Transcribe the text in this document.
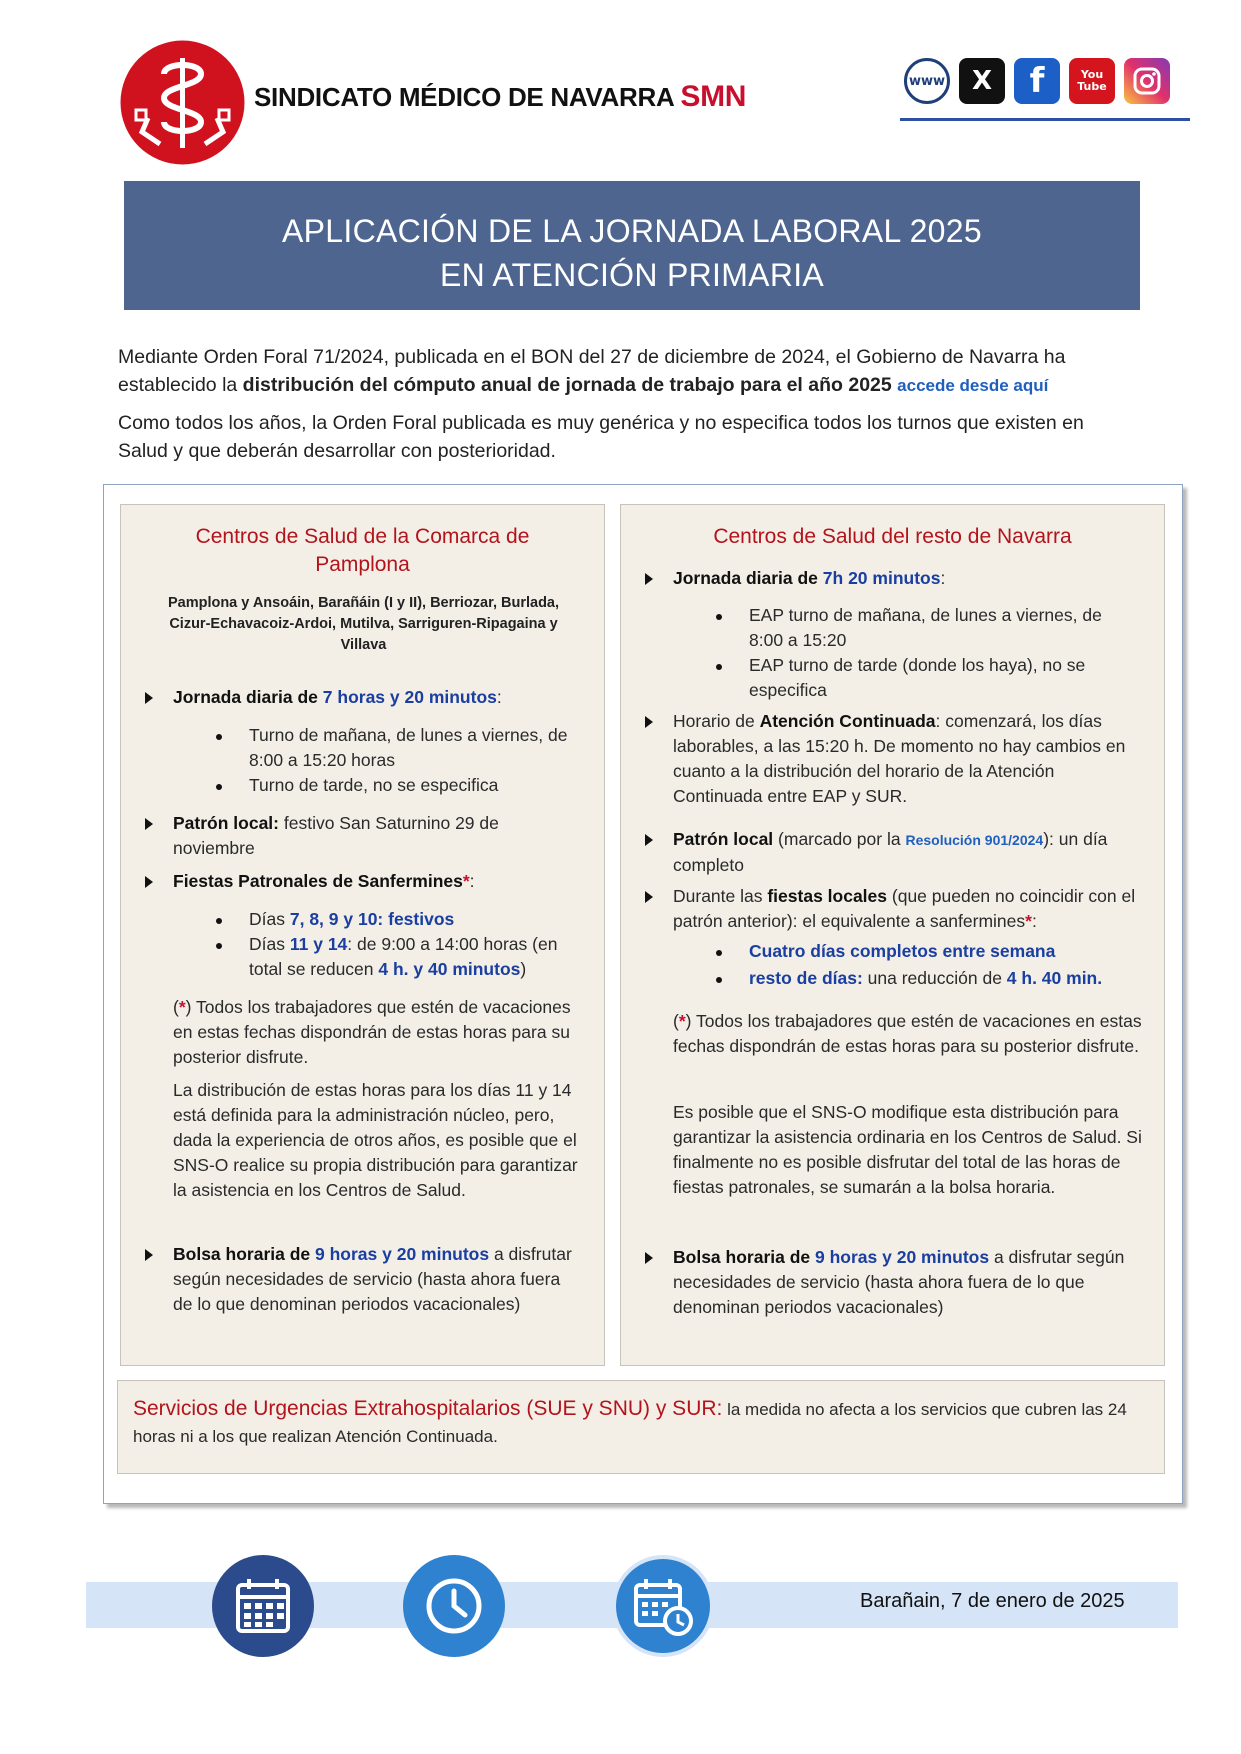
SINDICATO MÉDICO DE NAVARRA SMN	www X f	You
Tube
APLICACIÓN DE LA JORNADA LABORAL 2025
EN ATENCIÓN PRIMARIA
Mediante Orden Foral 71/2024, publicada en el BON del 27 de diciembre de 2024, el Gobierno de Navarra ha establecido la distribución del cómputo anual de jornada de trabajo para el año 2025 accede desde aquí
Como todos los años, la Orden Foral publicada es muy genérica y no especifica todos los turnos que existen en Salud y que deberán desarrollar con posterioridad.
Centros de Salud de la Comarca de Pamplona
Pamplona y Ansoáin, Barañáin (I y II), Berriozar, Burlada, Cizur-Echavacoiz-Ardoi, Mutilva, Sarriguren-Ripagaina y Villava
Jornada diaria de 7 horas y 20 minutos:
Turno de mañana, de lunes a viernes, de 8:00 a 15:20 horas
Turno de tarde, no se especifica
Patrón local: festivo San Saturnino 29 de noviembre
Fiestas Patronales de Sanfermines*:
Días 7, 8, 9 y 10: festivos
Días 11 y 14: de 9:00 a 14:00 horas (en total se reducen 4 h. y 40 minutos)
(*) Todos los trabajadores que estén de vacaciones en estas fechas dispondrán de estas horas para su posterior disfrute.
La distribución de estas horas para los días 11 y 14 está definida para la administración núcleo, pero, dada la experiencia de otros años, es posible que el SNS-O realice su propia distribución para garantizar la asistencia en los Centros de Salud.
Bolsa horaria de 9 horas y 20 minutos a disfrutar según necesidades de servicio (hasta ahora fuera de lo que denominan periodos vacacionales)
Centros de Salud del resto de Navarra
Jornada diaria de 7h 20 minutos:
EAP turno de mañana, de lunes a viernes, de 8:00 a 15:20
EAP turno de tarde (donde los haya), no se especifica
Horario de Atención Continuada: comenzará, los días laborables, a las 15:20 h. De momento no hay cambios en cuanto a la distribución del horario de la Atención Continuada entre EAP y SUR.
Patrón local (marcado por la Resolución 901/2024): un día completo
Durante las fiestas locales (que pueden no coincidir con el patrón anterior): el equivalente a sanfermines*:
Cuatro días completos entre semana
resto de días: una reducción de 4 h. 40 min.
(*) Todos los trabajadores que estén de vacaciones en estas fechas dispondrán de estas horas para su posterior disfrute.
Es posible que el SNS-O modifique esta distribución para garantizar la asistencia ordinaria en los Centros de Salud. Si finalmente no es posible disfrutar del total de las horas de fiestas patronales, se sumarán a la bolsa horaria.
Bolsa horaria de 9 horas y 20 minutos a disfrutar según necesidades de servicio (hasta ahora fuera de lo que denominan periodos vacacionales)
Servicios de Urgencias Extrahospitalarios (SUE y SNU) y SUR: la medida no afecta a los servicios que cubren las 24 horas ni a los que realizan Atención Continuada.
Barañain, 7 de enero de 2025
